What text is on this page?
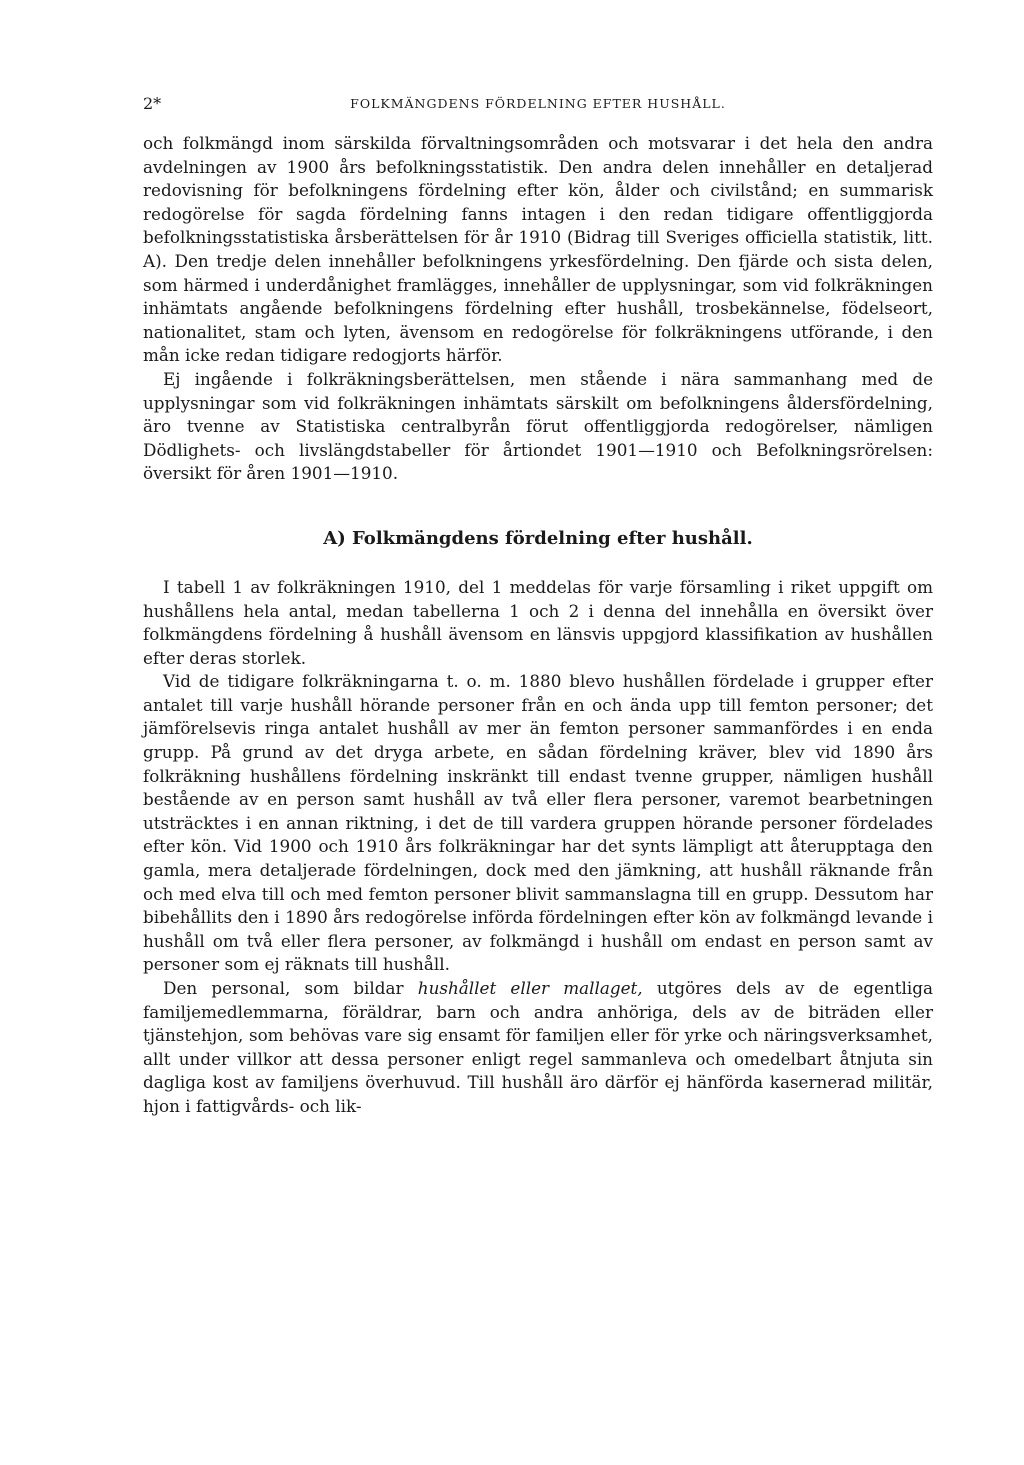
2*	FOLKMÄNGDENS FÖRDELNING EFTER HUSHÅLL.

och folkmängd inom särskilda förvaltningsområden och motsvarar i det hela den andra avdelningen av 1900 års befolkningsstatistik. Den andra delen innehåller en detaljerad redovisning för befolkningens fördelning efter kön, ålder och civilstånd; en summarisk redogörelse för sagda fördelning fanns intagen i den redan tidigare offentliggjorda befolkningsstatistiska årsberättelsen för år 1910 (Bidrag till Sveriges officiella statistik, litt. A). Den tredje delen innehåller befolkningens yrkesfördelning. Den fjärde och sista delen, som härmed i underdånighet framlägges, innehåller de upplysningar, som vid folkräkningen inhämtats angående befolkningens fördelning efter hushåll, trosbekännelse, födelseort, nationalitet, stam och lyten, ävensom en redogörelse för folkräkningens utförande, i den mån icke redan tidigare redogjorts härför.

Ej ingående i folkräkningsberättelsen, men stående i nära sammanhang med de upplysningar som vid folkräkningen inhämtats särskilt om befolkningens åldersfördelning, äro tvenne av Statistiska centralbyrån förut offentliggjorda redogörelser, nämligen Dödlighets- och livslängdstabeller för årtiondet 1901—1910 och Befolkningsrörelsen: översikt för åren 1901—1910.

A) Folkmängdens fördelning efter hushåll.

I tabell 1 av folkräkningen 1910, del 1 meddelas för varje församling i riket uppgift om hushållens hela antal, medan tabellerna 1 och 2 i denna del innehålla en översikt över folkmängdens fördelning å hushåll ävensom en länsvis uppgjord klassifikation av hushållen efter deras storlek.

Vid de tidigare folkräkningarna t. o. m. 1880 blevo hushållen fördelade i grupper efter antalet till varje hushåll hörande personer från en och ända upp till femton personer; det jämförelsevis ringa antalet hushåll av mer än femton personer sammanfördes i en enda grupp. På grund av det dryga arbete, en sådan fördelning kräver, blev vid 1890 års folkräkning hushållens fördelning inskränkt till endast tvenne grupper, nämligen hushåll bestående av en person samt hushåll av två eller flera personer, varemot bearbetningen utsträcktes i en annan riktning, i det de till vardera gruppen hörande personer fördelades efter kön. Vid 1900 och 1910 års folkräkningar har det synts lämpligt att återupptaga den gamla, mera detaljerade fördelningen, dock med den jämkning, att hushåll räknande från och med elva till och med femton personer blivit sammanslagna till en grupp. Dessutom har bibehållits den i 1890 års redogörelse införda fördelningen efter kön av folkmängd levande i hushåll om två eller flera personer, av folkmängd i hushåll om endast en person samt av personer som ej räknats till hushåll.

Den personal, som bildar hushållet eller mallaget, utgöres dels av de egentliga familjemedlemmarna, föräldrar, barn och andra anhöriga, dels av de biträden eller tjänstehjon, som behövas vare sig ensamt för familjen eller för yrke och näringsverksamhet, allt under villkor att dessa personer enligt regel sammanleva och omedelbart åtnjuta sin dagliga kost av familjens överhuvud. Till hushåll äro därför ej hänförda kasernerad militär, hjon i fattigvårds- och lik-
